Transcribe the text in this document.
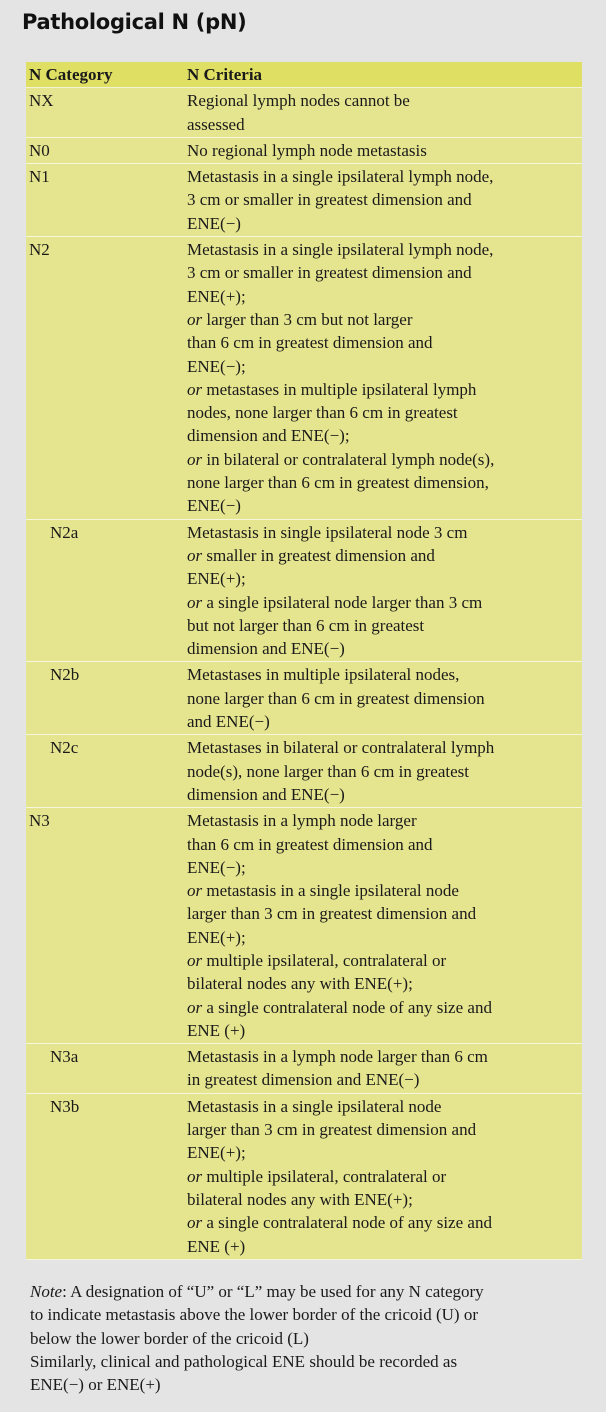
Pathological N (pN)
N Category	N Criteria
NX	Regional lymph nodes cannot be
assessed
N0	No regional lymph node metastasis
N1	Metastasis in a single ipsilateral lymph node,
3 cm or smaller in greatest dimension and
ENE(−)
N2	Metastasis in a single ipsilateral lymph node,
3 cm or smaller in greatest dimension and
ENE(+);
or larger than 3 cm but not larger
than 6 cm in greatest dimension and
ENE(−);
or metastases in multiple ipsilateral lymph
nodes, none larger than 6 cm in greatest
dimension and ENE(−);
or in bilateral or contralateral lymph node(s),
none larger than 6 cm in greatest dimension,
ENE(−)
N2a	Metastasis in single ipsilateral node 3 cm
or smaller in greatest dimension and
ENE(+);
or a single ipsilateral node larger than 3 cm
but not larger than 6 cm in greatest
dimension and ENE(−)
N2b	Metastases in multiple ipsilateral nodes,
none larger than 6 cm in greatest dimension
and ENE(−)
N2c	Metastases in bilateral or contralateral lymph
node(s), none larger than 6 cm in greatest
dimension and ENE(−)
N3	Metastasis in a lymph node larger
than 6 cm in greatest dimension and
ENE(−);
or metastasis in a single ipsilateral node
larger than 3 cm in greatest dimension and
ENE(+);
or multiple ipsilateral, contralateral or
bilateral nodes any with ENE(+);
or a single contralateral node of any size and
ENE (+)
N3a	Metastasis in a lymph node larger than 6 cm
in greatest dimension and ENE(−)
N3b	Metastasis in a single ipsilateral node
larger than 3 cm in greatest dimension and
ENE(+);
or multiple ipsilateral, contralateral or
bilateral nodes any with ENE(+);
or a single contralateral node of any size and
ENE (+)
Note: A designation of “U” or “L” may be used for any N category
to indicate metastasis above the lower border of the cricoid (U) or
below the lower border of the cricoid (L)
Similarly, clinical and pathological ENE should be recorded as
ENE(−) or ENE(+)
